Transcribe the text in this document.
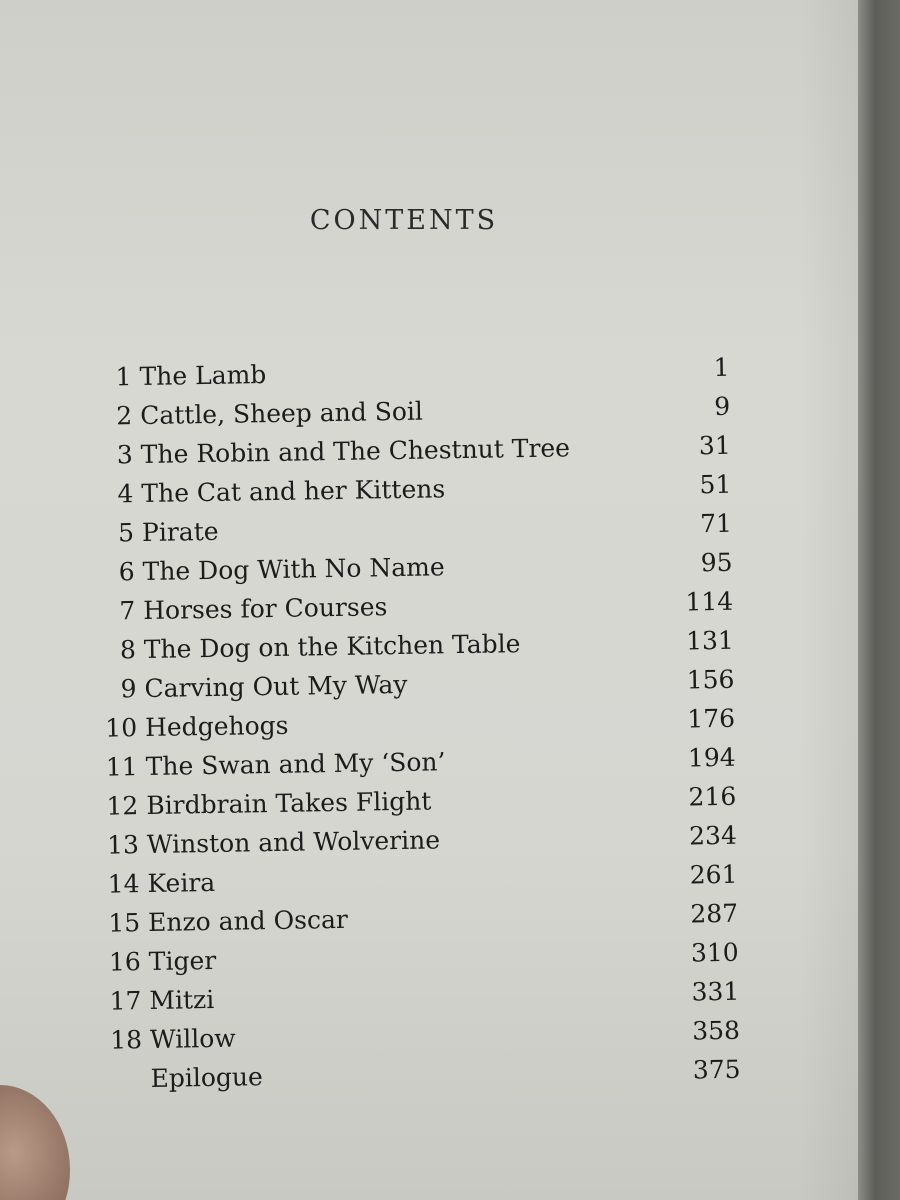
CONTENTS
1 The Lamb	1
2 Cattle, Sheep and Soil	9
3 The Robin and The Chestnut Tree	31
4 The Cat and her Kittens	51
5 Pirate	71
6 The Dog With No Name	95
7 Horses for Courses	114
8 The Dog on the Kitchen Table	131
9 Carving Out My Way	156
10 Hedgehogs	176
11 The Swan and My ‘Son’	194
12 Birdbrain Takes Flight	216
13 Winston and Wolverine	234
14 Keira	261
15 Enzo and Oscar	287
16 Tiger	310
17 Mitzi	331
18 Willow	358
Epilogue	375
